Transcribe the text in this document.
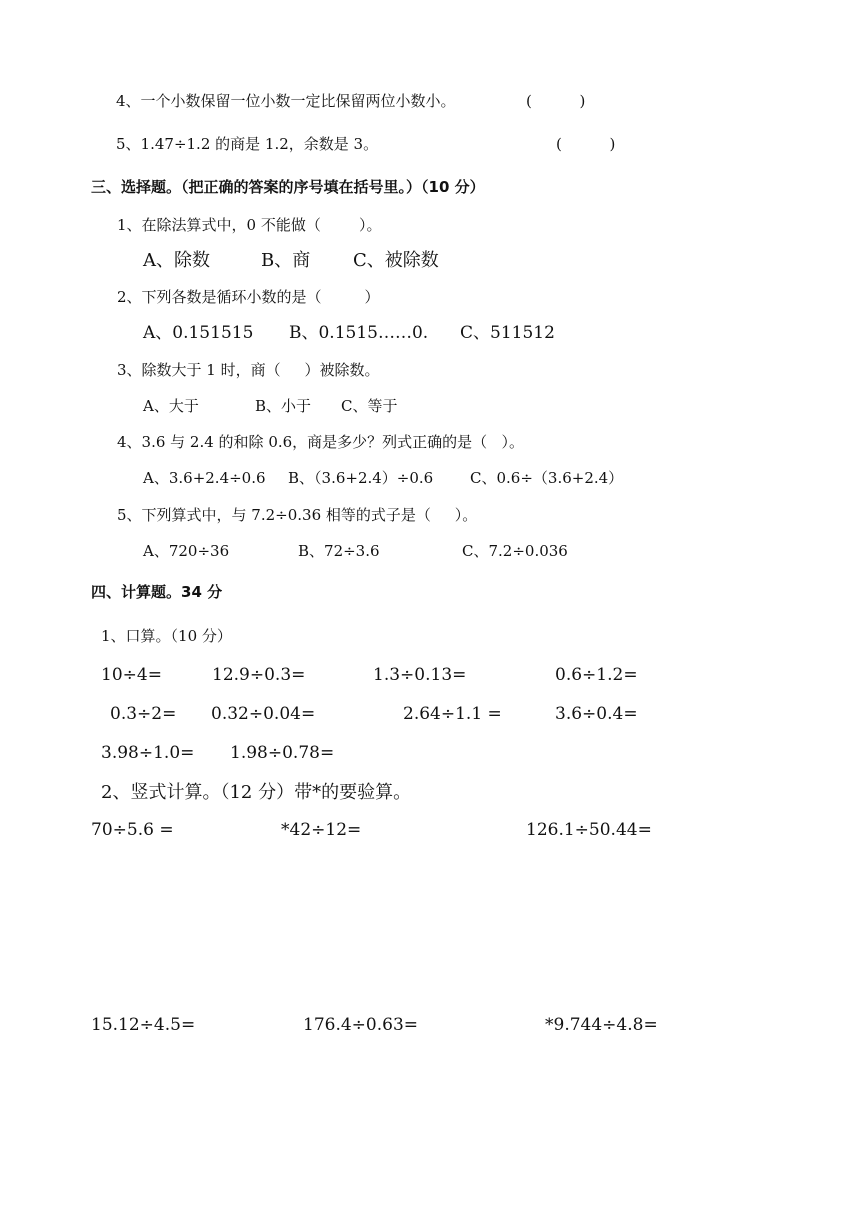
4、一个小数保留一位小数一定比保留两位小数小。	(          )
5、1.47÷1.2 的商是 1.2，余数是 3。	(          )
三、选择题。（把正确的答案的序号填在括号里。）（10 分）
1、在除法算式中，0 不能做（        ）。
A、除数	B、商 C、被除数
2、下列各数是循环小数的是（         ）
A、0.151515 B、0.1515……0. C、511512
3、除数大于 1 时，商（     ）被除数。
A、大于	B、小于 C、等于
4、3.6 与 2.4 的和除 0.6，商是多少？列式正确的是（   ）。
A、3.6+2.4÷0.6 B、（3.6+2.4）÷0.6 C、0.6÷（3.6+2.4）
5、下列算式中，与 7.2÷0.36 相等的式子是（     ）。
A、720÷36	B、72÷3.6	C、7.2÷0.036
四、计算题。34 分
1、口算。（10 分）
10÷4=	12.9÷0.3=	1.3÷0.13=	0.6÷1.2=
0.3÷2= 0.32÷0.04=	2.64÷1.1 =	3.6÷0.4=
3.98÷1.0= 1.98÷0.78=
2、竖式计算。（12 分）带*的要验算。
70÷5.6 =	*42÷12=	126.1÷50.44=
15.12÷4.5=	176.4÷0.63=	*9.744÷4.8=
